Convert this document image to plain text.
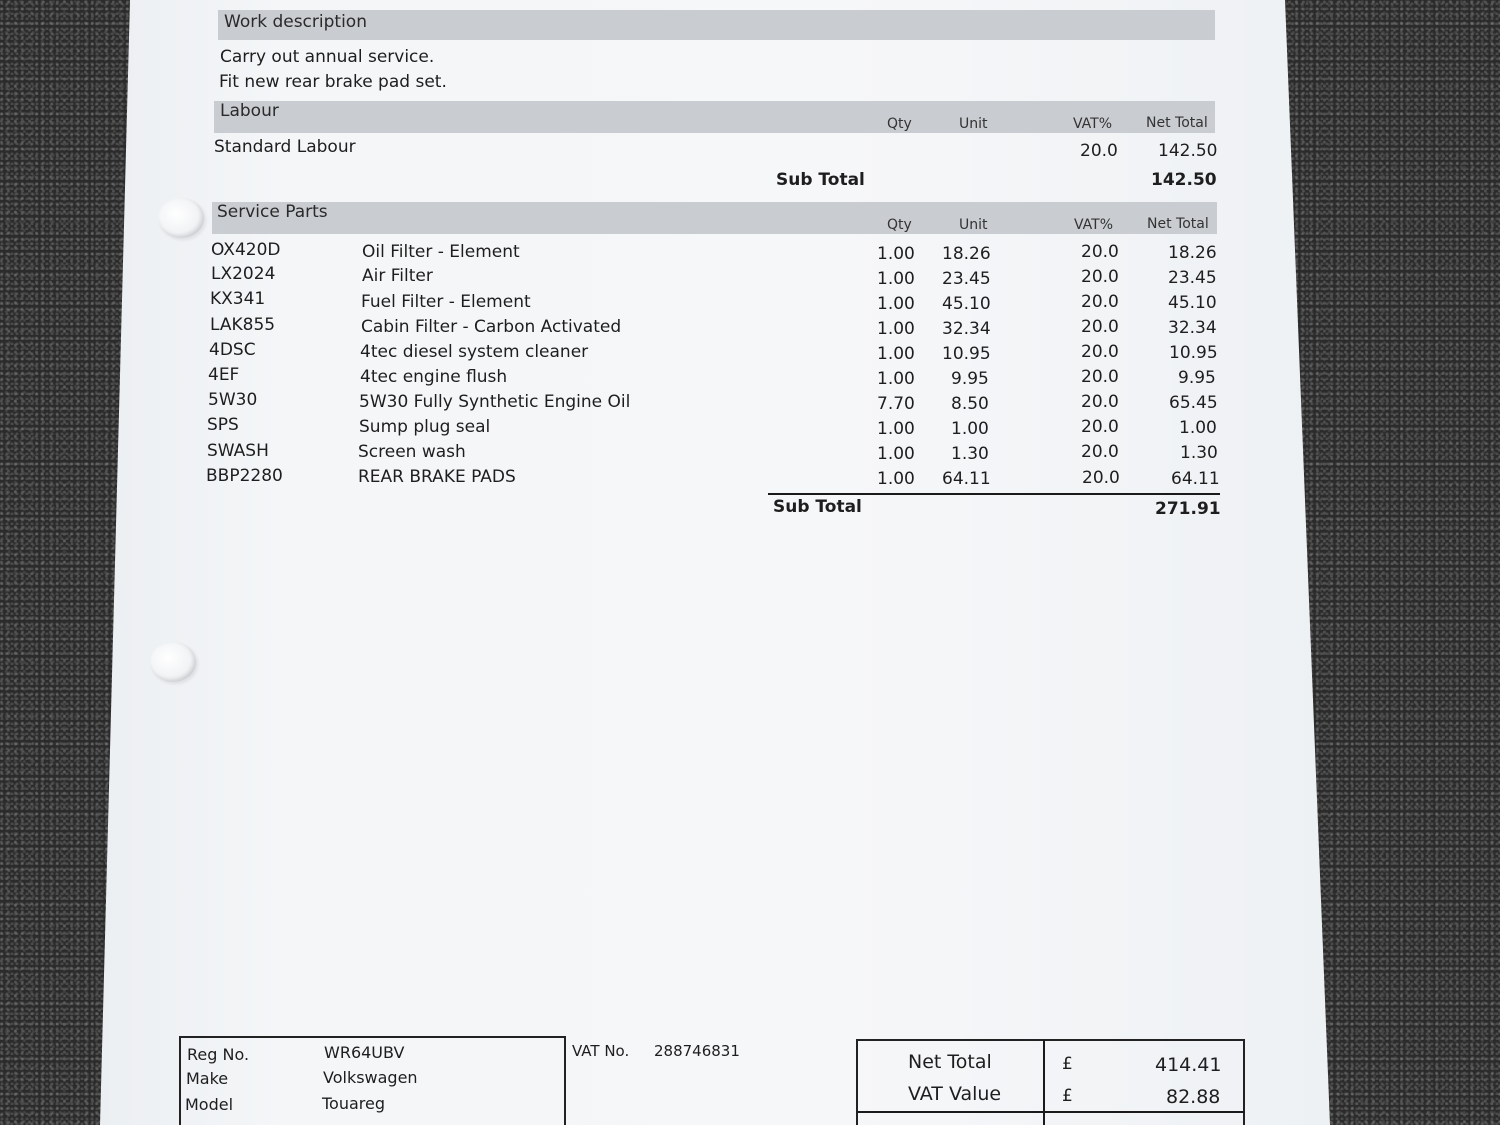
Work description
Carry out annual service.
Fit new rear brake pad set.
Labour
Qty	Unit	VAT% Net Total
Standard Labour	20.0 142.50
Sub Total	142.50
Service Parts
Qty	Unit	VAT% Net Total
OX420D	Oil Filter - Element	1.00 18.26	20.0	18.26
LX2024	Air Filter	1.00 23.45	20.0	23.45
KX341	Fuel Filter - Element	1.00 45.10	20.0	45.10
LAK855	Cabin Filter - Carbon Activated	1.00 32.34	20.0	32.34
4DSC	4tec diesel system cleaner	1.00 10.95	20.0	10.95
4EF	4tec engine flush	1.00 9.95	20.0	9.95
5W30	5W30 Fully Synthetic Engine Oil	7.70 8.50	20.0	65.45
SPS	Sump plug seal	1.00 1.00	20.0	1.00
SWASH	Screen wash	1.00 1.30	20.0	1.30
BBP2280	REAR BRAKE PADS	1.00 64.11	20.0	64.11
Sub Total	271.91
Reg No.	WR64UBV
Make	Volkswagen
Model	Touareg
VAT No. 288746831	Net Total	£	414.41
VAT Value	£	82.88
